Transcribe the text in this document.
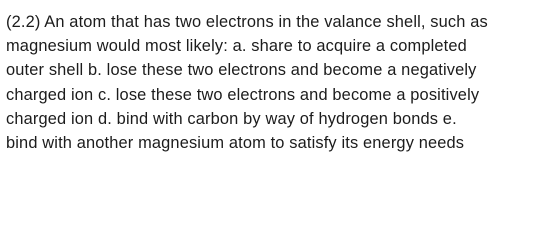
(2.2) An atom that has two electrons in the valance shell, such as
magnesium would most likely: a. share to acquire a completed
outer shell b. lose these two electrons and become a negatively
charged ion c. lose these two electrons and become a positively
charged ion d. bind with carbon by way of hydrogen bonds e.
bind with another magnesium atom to satisfy its energy needs
